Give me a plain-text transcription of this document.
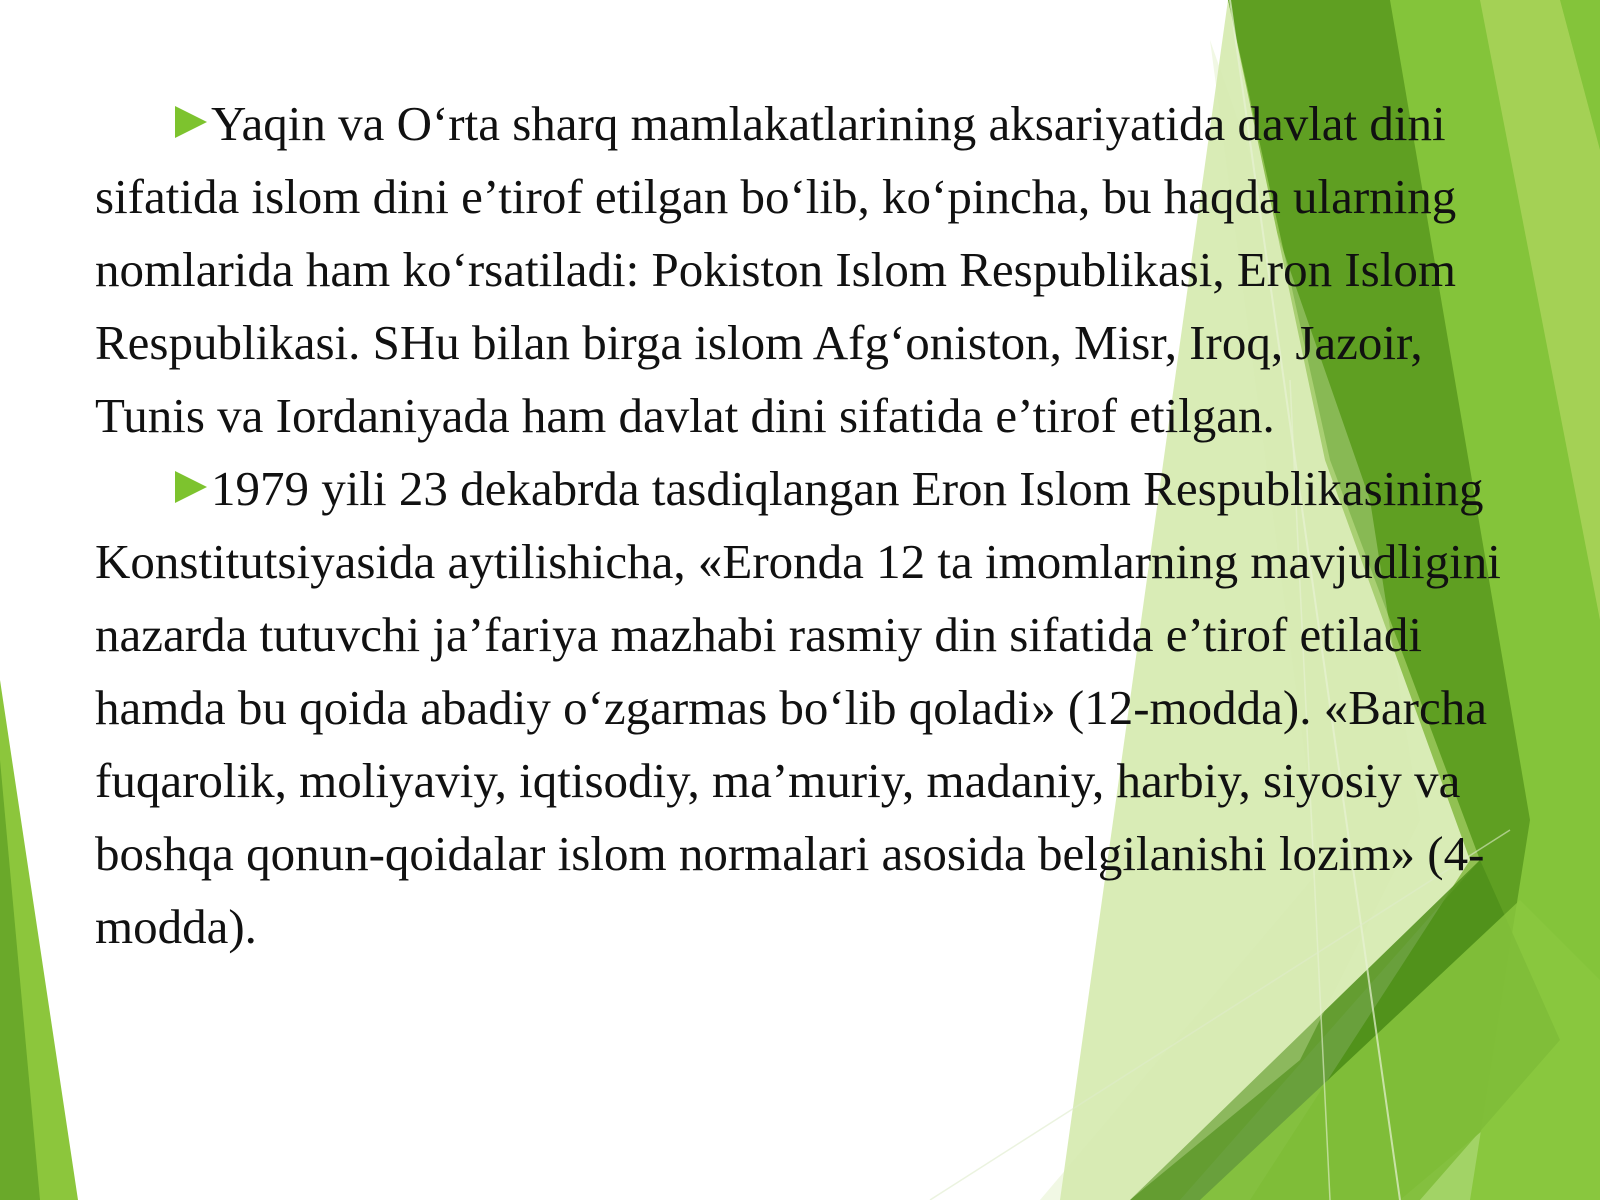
Yaqin va O‘rta sharq mamlakatlarining aksariyatida davlat dini sifatida islom dini e’tirof etilgan bo‘lib, ko‘pincha, bu haqda ularning nomlarida ham ko‘rsatiladi: Pokiston Islom Respublikasi, Eron Islom Respublikasi. SHu bilan birga islom Afg‘oniston, Misr, Iroq, Jazoir, Tunis va Iordaniyada ham davlat dini sifatida e’tirof etilgan.

1979 yili 23 dekabrda tasdiqlangan Eron Islom Respublikasining Konstitutsiyasida aytilishicha, «Eronda 12 ta imomlarning mavjudligini nazarda tutuvchi ja’fariya mazhabi rasmiy din sifatida e’tirof etiladi hamda bu qoida abadiy o‘zgarmas bo‘lib qoladi» (12-modda). «Barcha fuqarolik, moliyaviy, iqtisodiy, ma’muriy, madaniy, harbiy, siyosiy va boshqa qonun-qoidalar islom normalari asosida belgilanishi lozim» (4-modda).
